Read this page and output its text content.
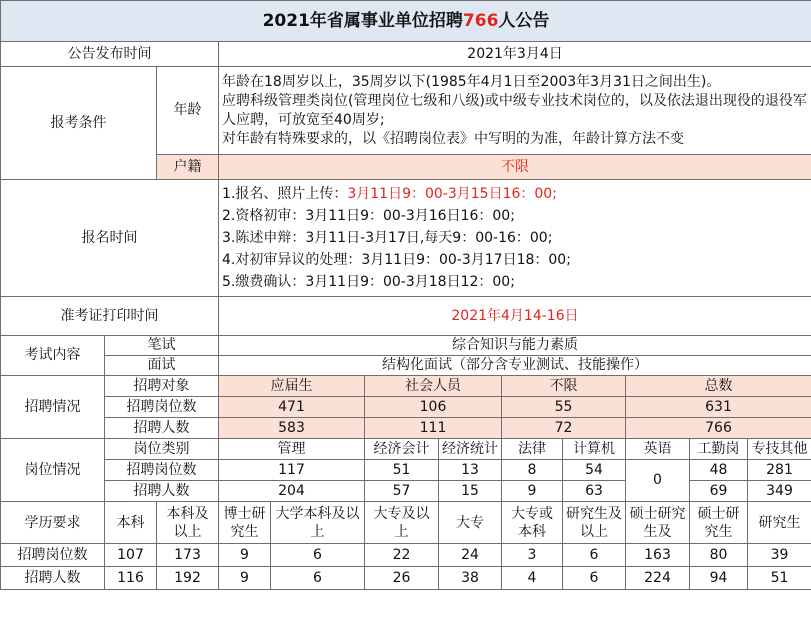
2021年省属事业单位招聘766人公告											
公告发布时间			2021年3月4日								
报考条件		年龄	年龄在18周岁以上，35周岁以下(1985年4月1日至2003年3月31日之间出生)。
应聘科级管理类岗位(管理岗位七级和八级)或中级专业技术岗位的，以及依法退出现役的退役军人应聘，可放宽至40周岁;
对年龄有特殊要求的，以《招聘岗位表》中写明的为准，年龄计算方法不变								

		户籍	不限								
报名时间			1.报名、照片上传：3月11日9：00-3月15日16：00;
2.资格初审：3月11日9：00-3月16日16：00;
3.陈述申辩：3月11日-3月17日,每天9：00-16：00;
4.对初审异议的处理：3月11日9：00-3月17日18：00;
5.缴费确认：3月11日9：00-3月18日12：00;								

准考证打印时间			2021年4月14-16日								
考试内容	笔试		综合知识与能力素质								
	面试		结构化面试（部分含专业测试、技能操作）								
招聘情况	招聘对象		应届生		社会人员		不限		总数		
	招聘岗位数		471		106		55		631		
	招聘人数		583		111		72		766		
岗位情况	岗位类别		管理		经济会计	经济统计	法律	计算机	英语	工勤岗	专技其他
	招聘岗位数		117		51	13	8	54	0	48	281
	招聘人数		204		57	15	9	63		69	349
学历要求	本科	本科及以上	博士研究生	大学本科及以上	大专及以上	大专	大专或本科	研究生及以上	硕士研究生及	硕士研究生	研究生
招聘岗位数	107	173	9	6	22	24	3	6	163	80	39
招聘人数	116	192	9	6	26	38	4	6	224	94	51
